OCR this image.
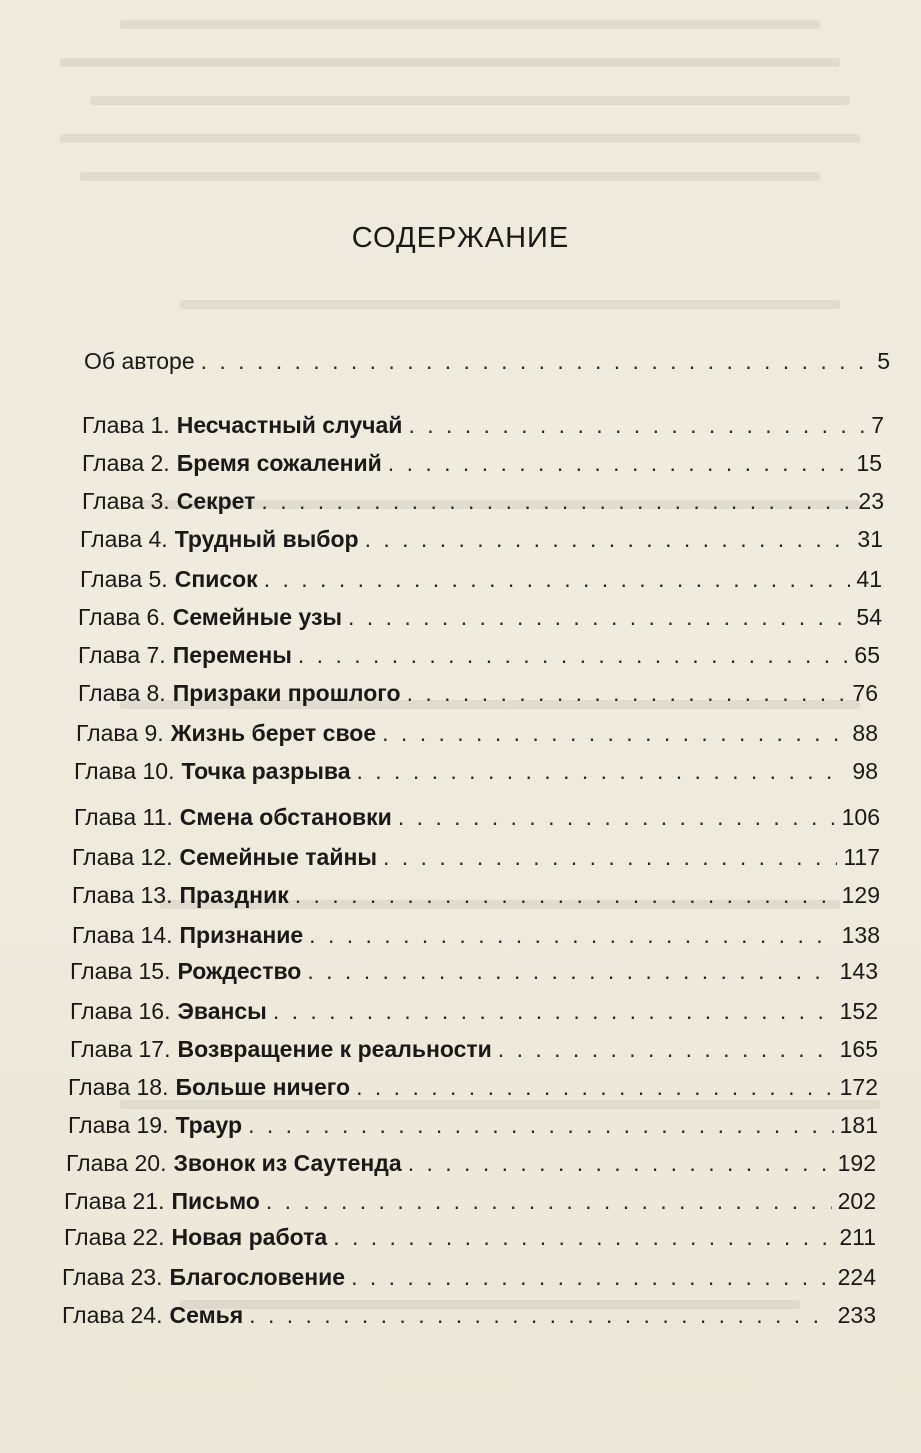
СОДЕРЖАНИЕ
Об авторе . . .	5
Глава 1. Несчастный случай . . .	7
Глава 2. Бремя сожалений . . .	15
Глава 3. Секрет . . .	23
Глава 4. Трудный выбор . . .	31
Глава 5. Список . . .	41
Глава 6. Семейные узы . . .	54
Глава 7. Перемены . . .	65
Глава 8. Призраки прошлого . . .	76
Глава 9. Жизнь берет свое . . .	88
Глава 10. Точка разрыва . . .	98
Глава 11. Смена обстановки . . .	106
Глава 12. Семейные тайны . . .	117
Глава 13. Праздник . . .	129
Глава 14. Признание . . .	138
Глава 15. Рождество . . .	143
Глава 16. Эвансы . . .	152
Глава 17. Возвращение к реальности . . .	165
Глава 18. Больше ничего . . .	172
Глава 19. Траур . . .	181
Глава 20. Звонок из Саутенда . . .	192
Глава 21. Письмо . . .	202
Глава 22. Новая работа . . .	211
Глава 23. Благословение . . .	224
Глава 24. Семья . . .	233
